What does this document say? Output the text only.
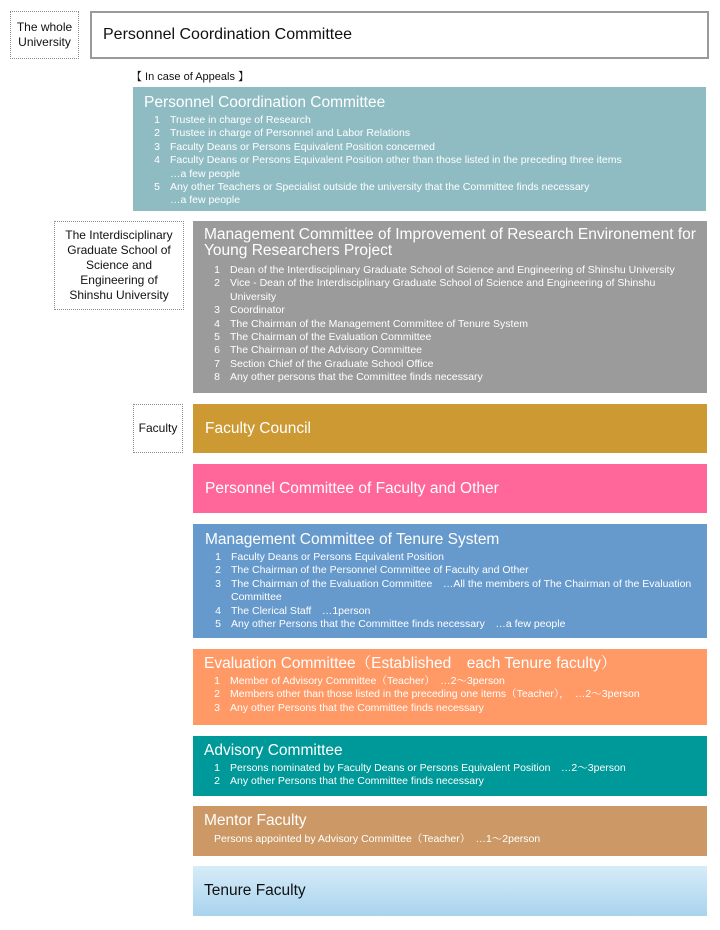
The whole University Personnel Coordination Committee
【 In case of Appeals 】
Personnel Coordination Committee
1 Trustee in charge of Research
2 Trustee in charge of Personnel and Labor Relations
3 Faculty Deans or Persons Equivalent Position concerned
4 Faculty Deans or Persons Equivalent Position other than those listed in the preceding three items
…a few people
5 Any other Teachers or Specialist outside the university that the Committee finds necessary
…a few people
The Interdisciplinary Graduate School of Science and Engineering of Shinshu University
Management Committee of Improvement of Research Environement for Young Researchers Project
1 Dean of the Interdisciplinary Graduate School of Science and Engineering of Shinshu University
2 Vice - Dean of the Interdisciplinary Graduate School of Science and Engineering of Shinshu University
3 Coordinator
4 The Chairman of the Management Committee of Tenure System
5 The Chairman of the Evaluation Committee
6 The Chairman of the Advisory Committee
7 Section Chief of the Graduate School Office
8 Any other persons that the Committee finds necessary
Faculty Faculty Council
Personnel Committee of Faculty and Other
Management Committee of Tenure System
1 Faculty Deans or Persons Equivalent Position
2 The Chairman of the Personnel Committee of Faculty and Other
3 The Chairman of the Evaluation Committee　…All the members of The Chairman of the Evaluation Committee
4 The Clerical Staff　…1person
5 Any other Persons that the Committee finds necessary　…a few people
Evaluation Committee（Established　each Tenure faculty）
1 Member of Advisory Committee（Teacher）　…2～3person
2 Members other than those listed in the preceding one items（Teacher），　…2～3person
3 Any other Persons that the Committee finds necessary
Advisory Committee
1 Persons nominated by Faculty Deans or Persons Equivalent Position　…2～3person
2 Any other Persons that the Committee finds necessary
Mentor Faculty
Persons appointed by Advisory Committee（Teacher）　…1～2person
Tenure Faculty
